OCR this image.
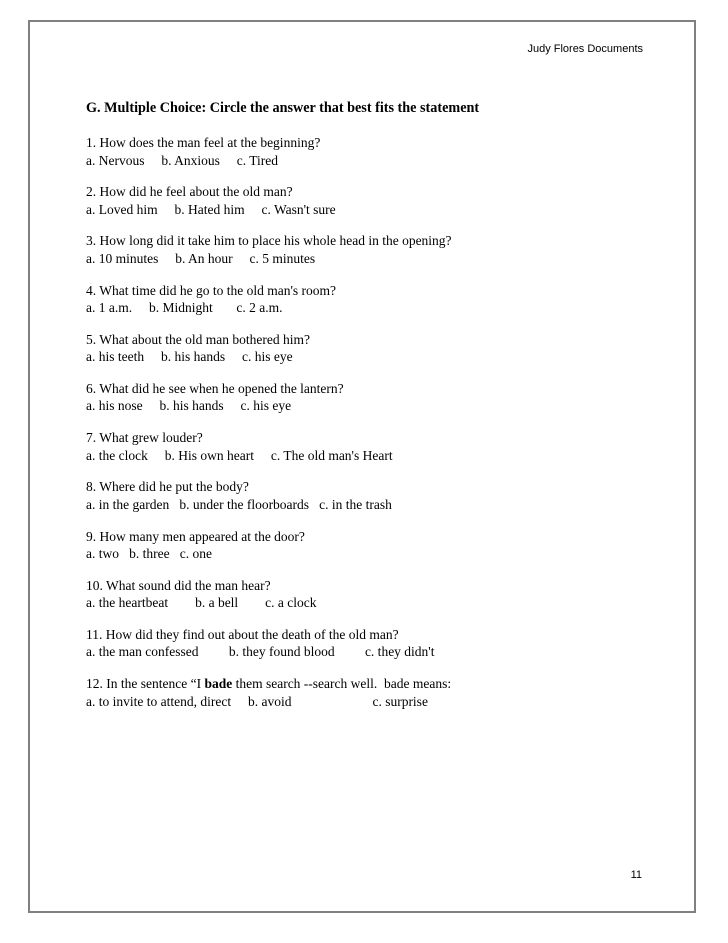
Judy Flores Documents
G. Multiple Choice: Circle the answer that best fits the statement
1. How does the man feel at the beginning?
a. Nervous     b. Anxious     c. Tired
2. How did he feel about the old man?
a. Loved him     b. Hated him     c. Wasn't sure
3. How long did it take him to place his whole head in the opening?
a. 10 minutes     b. An hour     c. 5 minutes
4. What time did he go to the old man's room?
a. 1 a.m.     b. Midnight       c. 2 a.m.
5. What about the old man bothered him?
a. his teeth     b. his hands     c. his eye
6. What did he see when he opened the lantern?
a. his nose     b. his hands     c. his eye
7. What grew louder?
a. the clock     b. His own heart     c. The old man's Heart
8. Where did he put the body?
a. in the garden   b. under the floorboards   c. in the trash
9. How many men appeared at the door?
a. two   b. three   c. one
10. What sound did the man hear?
a. the heartbeat        b. a bell        c. a clock
11. How did they find out about the death of the old man?
a. the man confessed         b. they found blood         c. they didn't
12. In the sentence “I bade them search --search well.  bade means:
a. to invite to attend, direct     b. avoid                        c. surprise
11
